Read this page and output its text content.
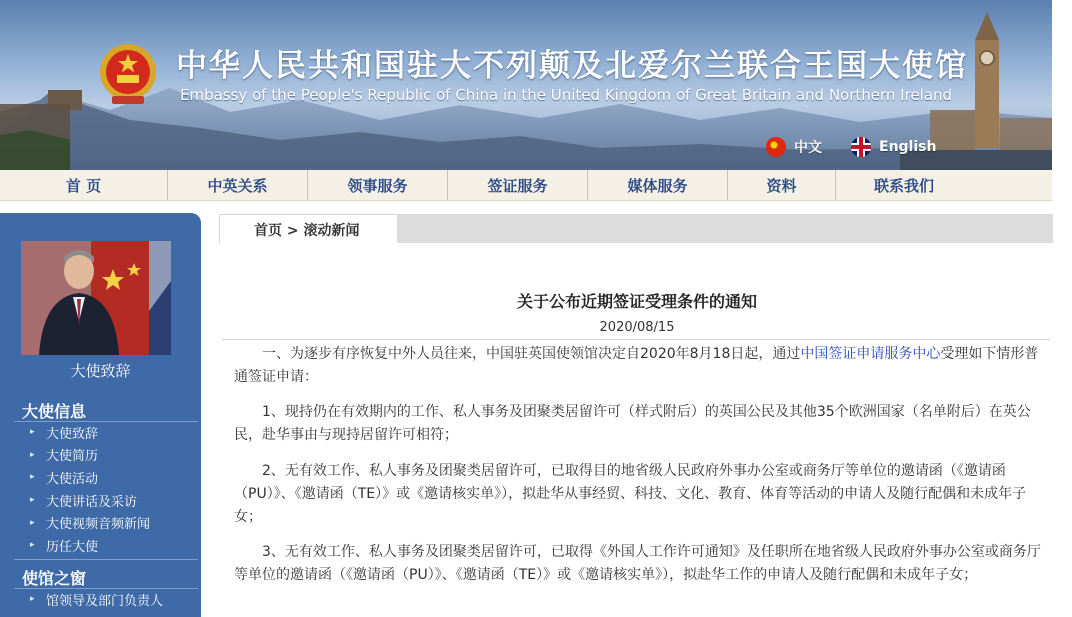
中华人民共和国驻大不列颠及北爱尔兰联合王国大使馆
Embassy of the People's Republic of China in the United Kingdom of Great Britain and Northern Ireland
中文	English
首 页	中英关系	领事服务	签证服务	媒体服务	资料	联系我们
大使致辞
大使信息
▸ 大使致辞
▸ 大使简历
▸ 大使活动
▸ 大使讲话及采访
▸ 大使视频音频新闻
▸ 历任大使
使馆之窗
▸ 馆领导及部门负责人
首页 > 滚动新闻
关于公布近期签证受理条件的通知
2020/08/15

一、为逐步有序恢复中外人员往来，中国驻英国使领馆决定自2020年8月18日起，通过中国签证申请服务中心受理如下情形普通签证申请：

1、现持仍在有效期内的工作、私人事务及团聚类居留许可（样式附后）的英国公民及其他35个欧洲国家（名单附后）在英公民，赴华事由与现持居留许可相符；

2、无有效工作、私人事务及团聚类居留许可，已取得目的地省级人民政府外事办公室或商务厅等单位的邀请函（《邀请函（PU）》、《邀请函（TE）》或《邀请核实单》），拟赴华从事经贸、科技、文化、教育、体育等活动的申请人及随行配偶和未成年子女；

3、无有效工作、私人事务及团聚类居留许可，已取得《外国人工作许可通知》及任职所在地省级人民政府外事办公室或商务厅等单位的邀请函（《邀请函（PU）》、《邀请函（TE）》或《邀请核实单》），拟赴华工作的申请人及随行配偶和未成年子女；
